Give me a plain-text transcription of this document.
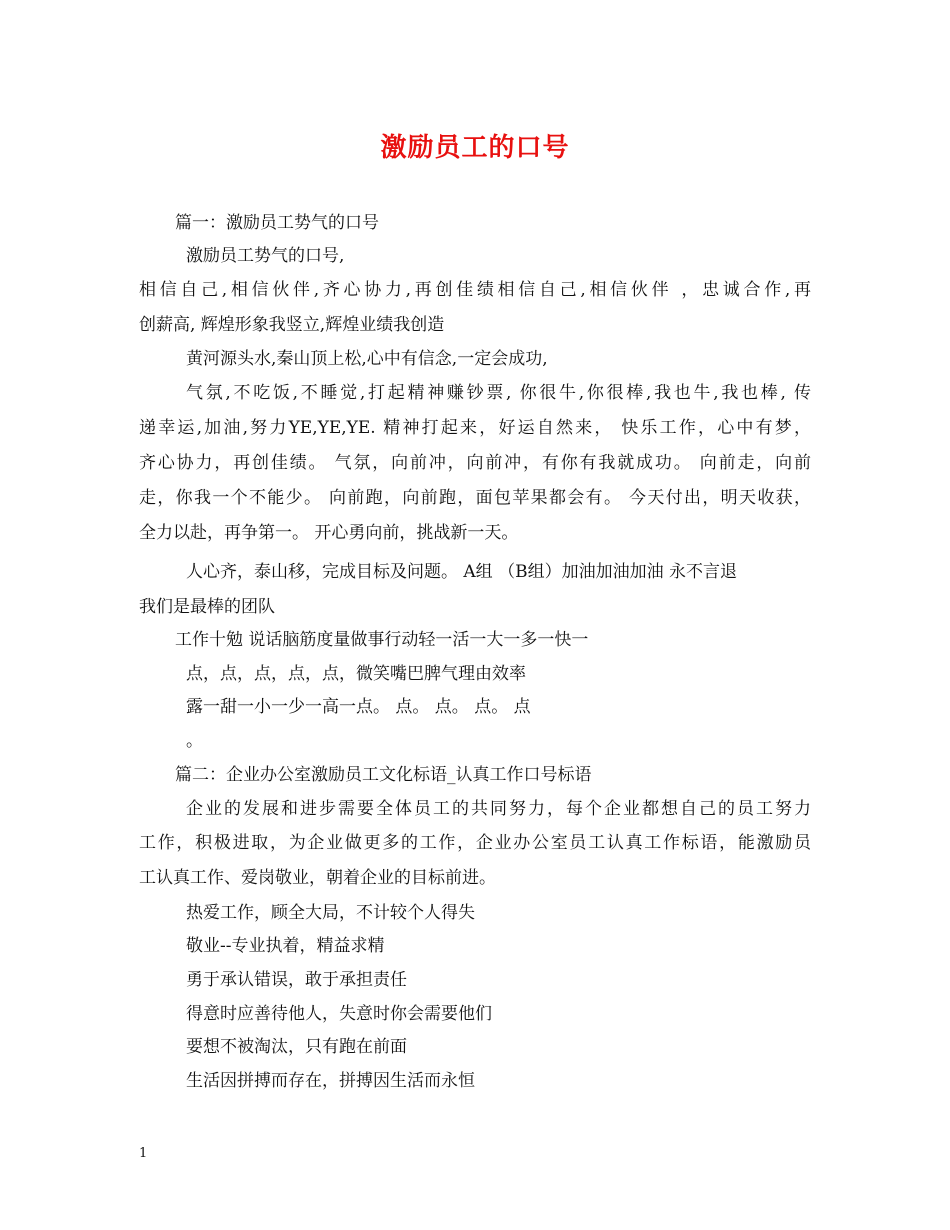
激励员工的口号
篇一：激励员工势气的口号
激励员工势气的口号,
相信自己,相信伙伴,齐心协力,再创佳绩相信自己,相信伙伴 ，忠诚合作,再
创薪高, 辉煌形象我竖立,辉煌业绩我创造
黄河源头水,秦山顶上松,心中有信念,一定会成功,
气氛,不吃饭,不睡觉,打起精神赚钞票, 你很牛,你很棒,我也牛,我也棒, 传
递幸运,加油,努力YE,YE,YE. 精神打起来，好运自然来， 快乐工作，心中有梦，
齐心协力，再创佳绩。 气氛，向前冲，向前冲，有你有我就成功。 向前走，向前
走，你我一个不能少。 向前跑，向前跑，面包苹果都会有。 今天付出，明天收获，
全力以赴，再争第一。 开心勇向前，挑战新一天。
人心齐，泰山移，完成目标及问题。 A组 （B组）加油加油加油 永不言退
我们是最棒的团队
工作十勉 说话脑筋度量做事行动轻一活一大一多一快一
点，点，点，点，点，微笑嘴巴脾气理由效率
露一甜一小一少一高一点。 点。 点。 点。 点
。
篇二：企业办公室激励员工文化标语_认真工作口号标语
企业的发展和进步需要全体员工的共同努力，每个企业都想自己的员工努力
工作，积极进取，为企业做更多的工作，企业办公室员工认真工作标语，能激励员
工认真工作、爱岗敬业，朝着企业的目标前进。
热爱工作，顾全大局，不计较个人得失
敬业--专业执着，精益求精
勇于承认错误，敢于承担责任
得意时应善待他人，失意时你会需要他们
要想不被淘汰，只有跑在前面
生活因拼搏而存在，拼搏因生活而永恒
1
